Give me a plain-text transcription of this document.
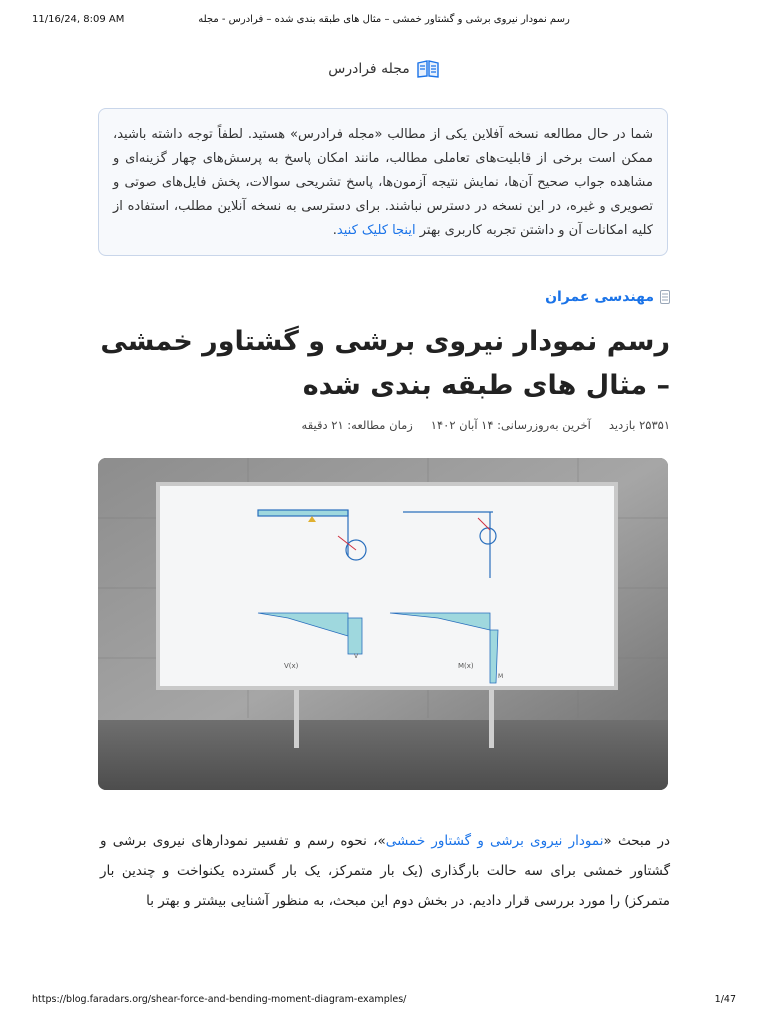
11/16/24, 8:09 AM	رسم نمودار نیروی برشی و گشتاور خمشی – مثال های طبقه بندی شده – فرادرس - مجله
مجله فرادرس
شما در حال مطالعه نسخه آفلاین یکی از مطالب «مجله فرادرس» هستید. لطفاً توجه داشته باشید، ممکن است برخی از قابلیت‌های تعاملی مطالب، مانند امکان پاسخ به پرسش‌های چهار گزینه‌ای و مشاهده جواب صحیح آن‌ها، نمایش نتیجه آزمون‌ها، پاسخ تشریحی سوالات، پخش فایل‌های صوتی و تصویری و غیره، در این نسخه در دسترس نباشند. برای دسترسی به نسخه آنلاین مطلب، استفاده از کلیه امکانات آن و داشتن تجربه کاربری بهتر اینجا کلیک کنید.
مهندسی عمران
رسم نمودار نیروی برشی و گشتاور خمشی – مثال های طبقه بندی شده
۲۵۳۵۱ بازدید
آخرین به‌روزرسانی: ۱۴ آبان ۱۴۰۲
زمان مطالعه: ۲۱ دقیقه
V(x)	M(x)
V
M

در مبحث «نمودار نیروی برشی و گشتاور خمشی»، نحوه رسم و تفسیر نمودارهای نیروی برشی و گشتاور خمشی برای سه حالت بارگذاری (یک بار متمرکز، یک بار گسترده یکنواخت و چندین بار متمرکز) را مورد بررسی قرار دادیم. در بخش دوم این مبحث، به منظور آشنایی بیشتر و بهتر با

https://blog.faradars.org/shear-force-and-bending-moment-diagram-examples/	1/47
